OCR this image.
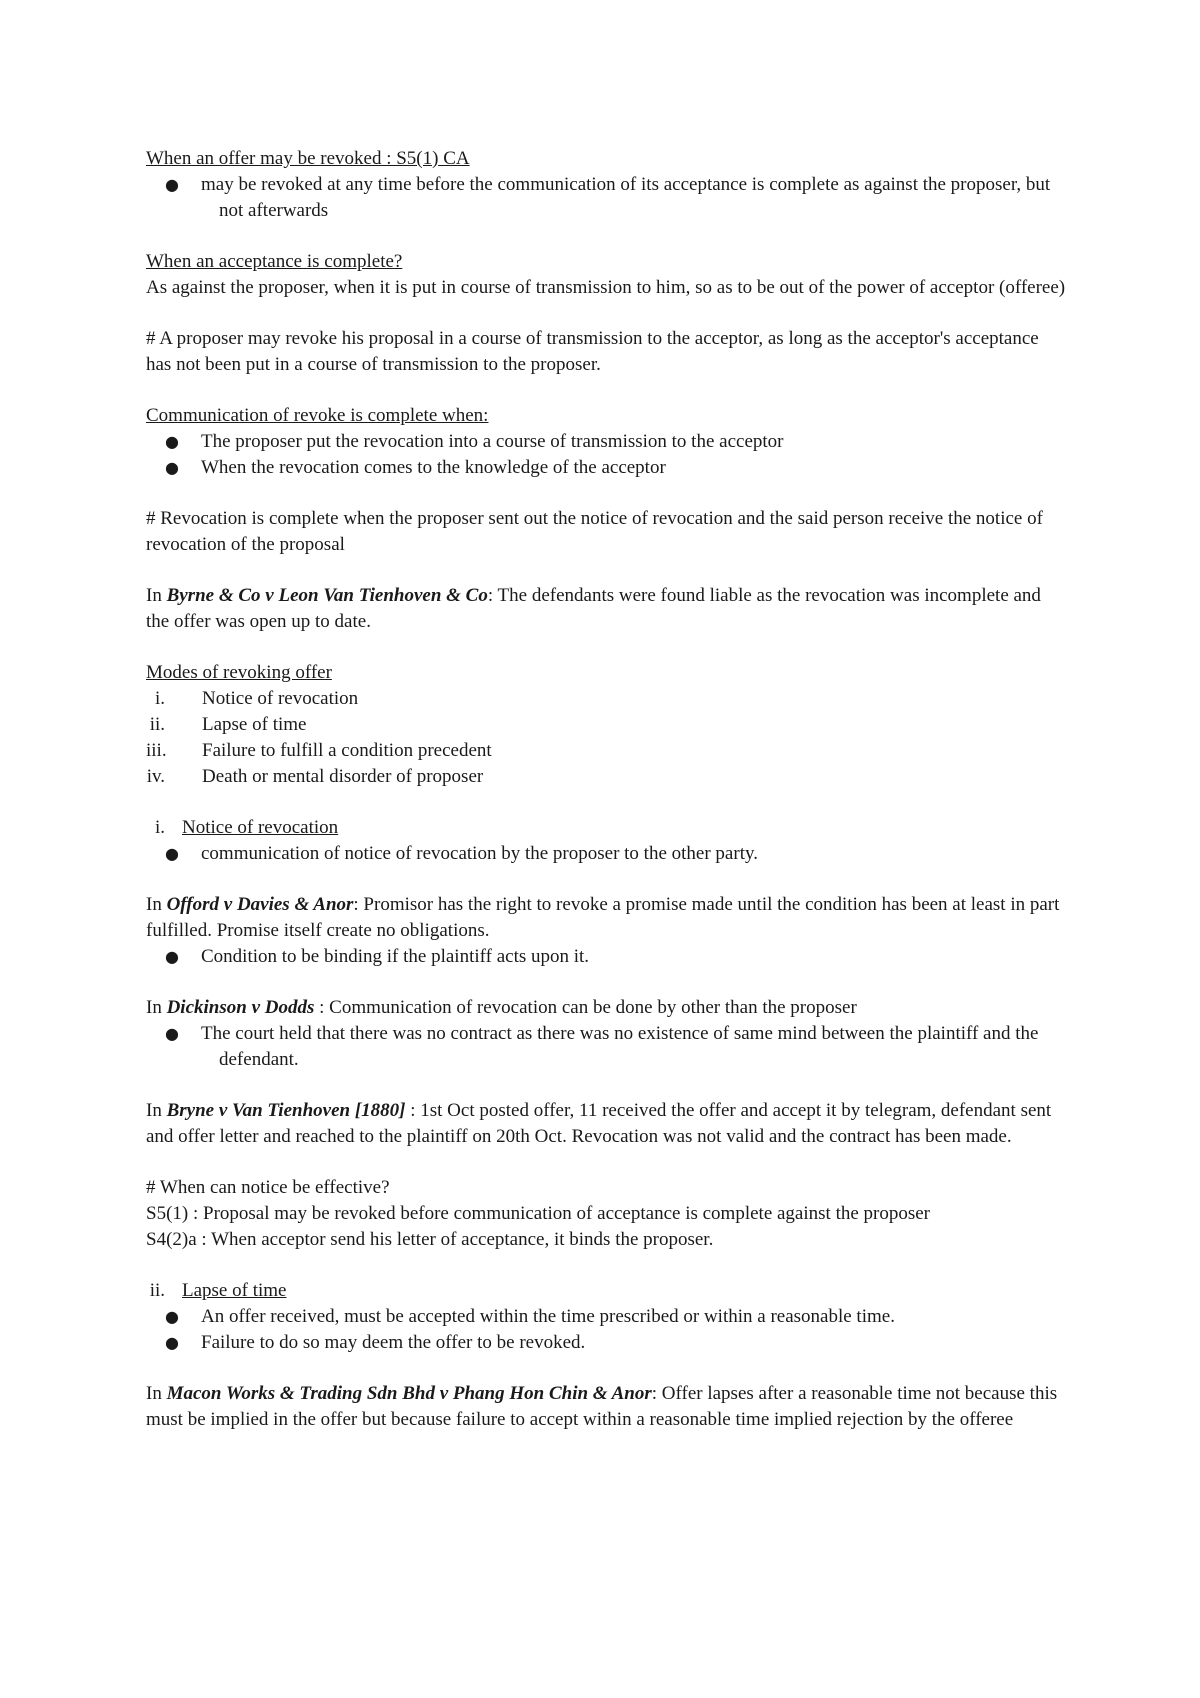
When an offer may be revoked : S5(1) CA

● may be revoked at any time before the communication of its acceptance is complete as against the proposer, but not afterwards

When an acceptance is complete?

As against the proposer, when it is put in course of transmission to him, so as to be out of the power of acceptor (offeree)

# A proposer may revoke his proposal in a course of transmission to the acceptor, as long as the acceptor's acceptance has not been put in a course of transmission to the proposer.

Communication of revoke is complete when:

● The proposer put the revocation into a course of transmission to the acceptor
● When the revocation comes to the knowledge of the acceptor

# Revocation is complete when the proposer sent out the notice of revocation and the said person receive the notice of revocation of the proposal

In Byrne & Co v Leon Van Tienhoven & Co: The defendants were found liable as the revocation was incomplete and the offer was open up to date.

Modes of revoking offer

i. Notice of revocation
ii. Lapse of time
iii. Failure to fulfill a condition precedent
iv. Death or mental disorder of proposer

i. Notice of revocation

● communication of notice of revocation by the proposer to the other party.

In Offord v Davies & Anor: Promisor has the right to revoke a promise made until the condition has been at least in part fulfilled. Promise itself create no obligations.

● Condition to be binding if the plaintiff acts upon it.

In Dickinson v Dodds : Communication of revocation can be done by other than the proposer

● The court held that there was no contract as there was no existence of same mind between the plaintiff and the defendant.

In Bryne v Van Tienhoven [1880] : 1st Oct posted offer, 11 received the offer and accept it by telegram, defendant sent and offer letter and reached to the plaintiff on 20th Oct. Revocation was not valid and the contract has been made.

# When can notice be effective?

S5(1) : Proposal may be revoked before communication of acceptance is complete against the proposer

S4(2)a : When acceptor send his letter of acceptance, it binds the proposer.

ii. Lapse of time

● An offer received, must be accepted within the time prescribed or within a reasonable time.
● Failure to do so may deem the offer to be revoked.

In Macon Works & Trading Sdn Bhd v Phang Hon Chin & Anor: Offer lapses after a reasonable time not because this must be implied in the offer but because failure to accept within a reasonable time implied rejection by the offeree
